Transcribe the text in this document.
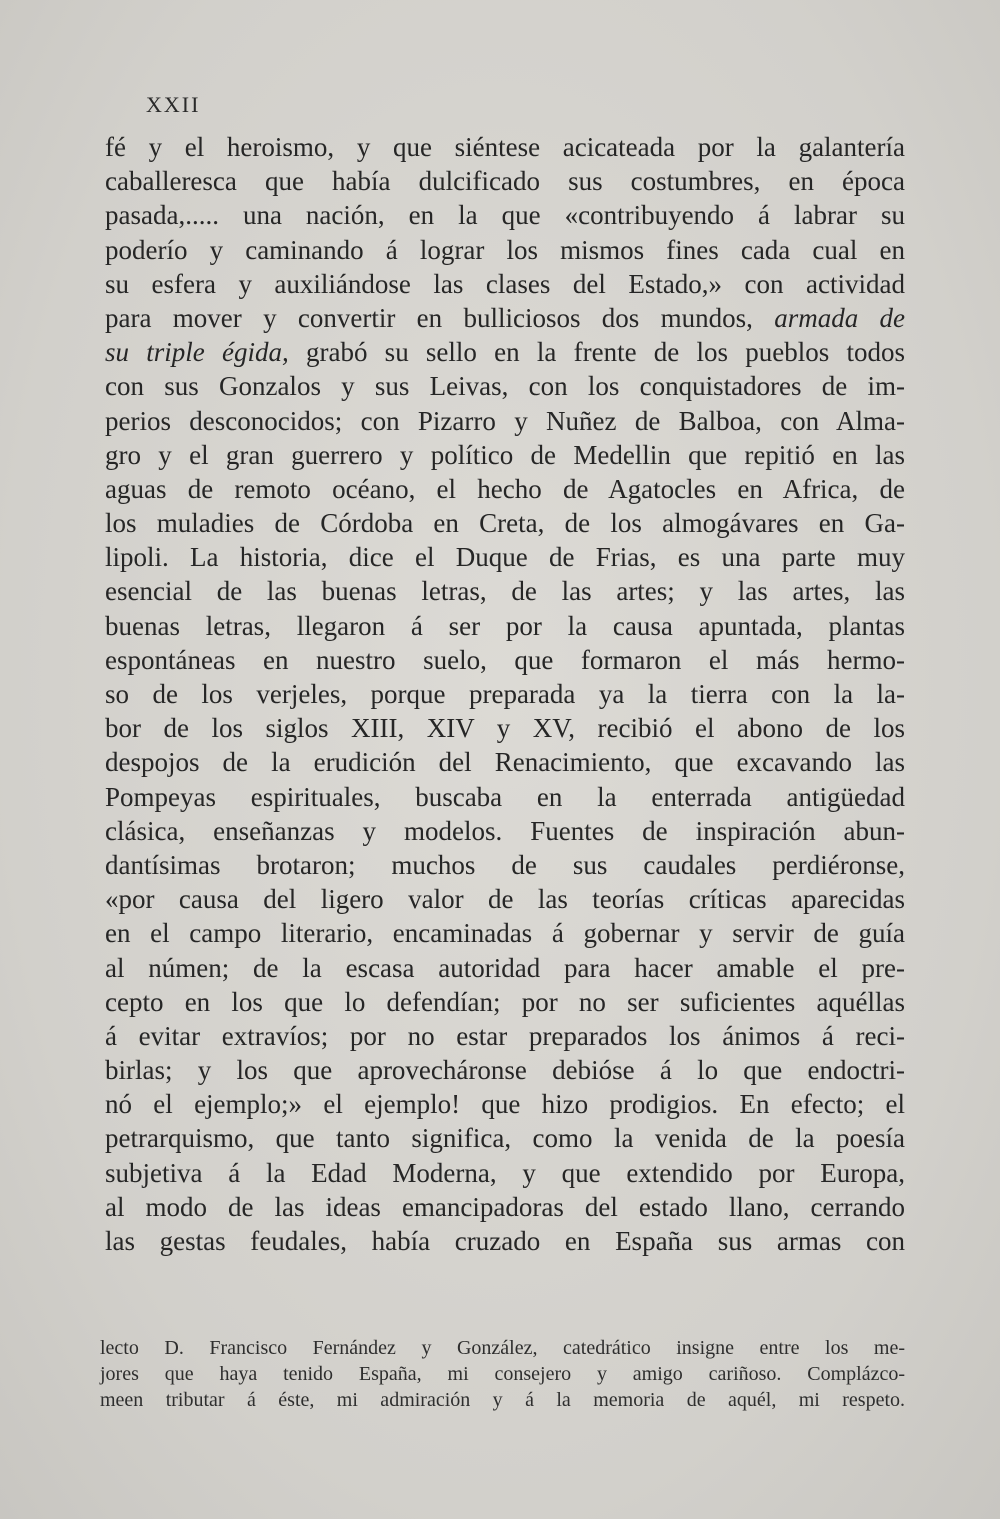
XXII
fé y el heroismo, y que siéntese acicateada por la galantería
caballeresca que había dulcificado sus costumbres, en época
pasada,..... una nación, en la que «contribuyendo á labrar su
poderío y caminando á lograr los mismos fines cada cual en
su esfera y auxiliándose las clases del Estado,» con actividad
para mover y convertir en bulliciosos dos mundos, armada de
su triple égida, grabó su sello en la frente de los pueblos todos
con sus Gonzalos y sus Leivas, con los conquistadores de im-
perios desconocidos; con Pizarro y Nuñez de Balboa, con Alma-
gro y el gran guerrero y político de Medellin que repitió en las
aguas de remoto océano, el hecho de Agatocles en Africa, de
los muladies de Córdoba en Creta, de los almogávares en Ga-
lipoli. La historia, dice el Duque de Frias, es una parte muy
esencial de las buenas letras, de las artes; y las artes, las
buenas letras, llegaron á ser por la causa apuntada, plantas
espontáneas en nuestro suelo, que formaron el más hermo-
so de los verjeles, porque preparada ya la tierra con la la-
bor de los siglos XIII, XIV y XV, recibió el abono de los
despojos de la erudición del Renacimiento, que excavando las
Pompeyas espirituales, buscaba en la enterrada antigüedad
clásica, enseñanzas y modelos. Fuentes de inspiración abun-
dantísimas brotaron; muchos de sus caudales perdiéronse,
«por causa del ligero valor de las teorías críticas aparecidas
en el campo literario, encaminadas á gobernar y servir de guía
al númen; de la escasa autoridad para hacer amable el pre-
cepto en los que lo defendían; por no ser suficientes aquéllas
á evitar extravíos; por no estar preparados los ánimos á reci-
birlas; y los que aprovecháronse debióse á lo que endoctri-
nó el ejemplo;» el ejemplo! que hizo prodigios. En efecto; el
petrarquismo, que tanto significa, como la venida de la poesía
subjetiva á la Edad Moderna, y que extendido por Europa,
al modo de las ideas emancipadoras del estado llano, cerrando
las gestas feudales, había cruzado en España sus armas con
lecto D. Francisco Fernández y González, catedrático insigne entre los me-
jores que haya tenido España, mi consejero y amigo cariñoso. Complázco-
meen tributar á éste, mi admiración y á la memoria de aquél, mi respeto.
